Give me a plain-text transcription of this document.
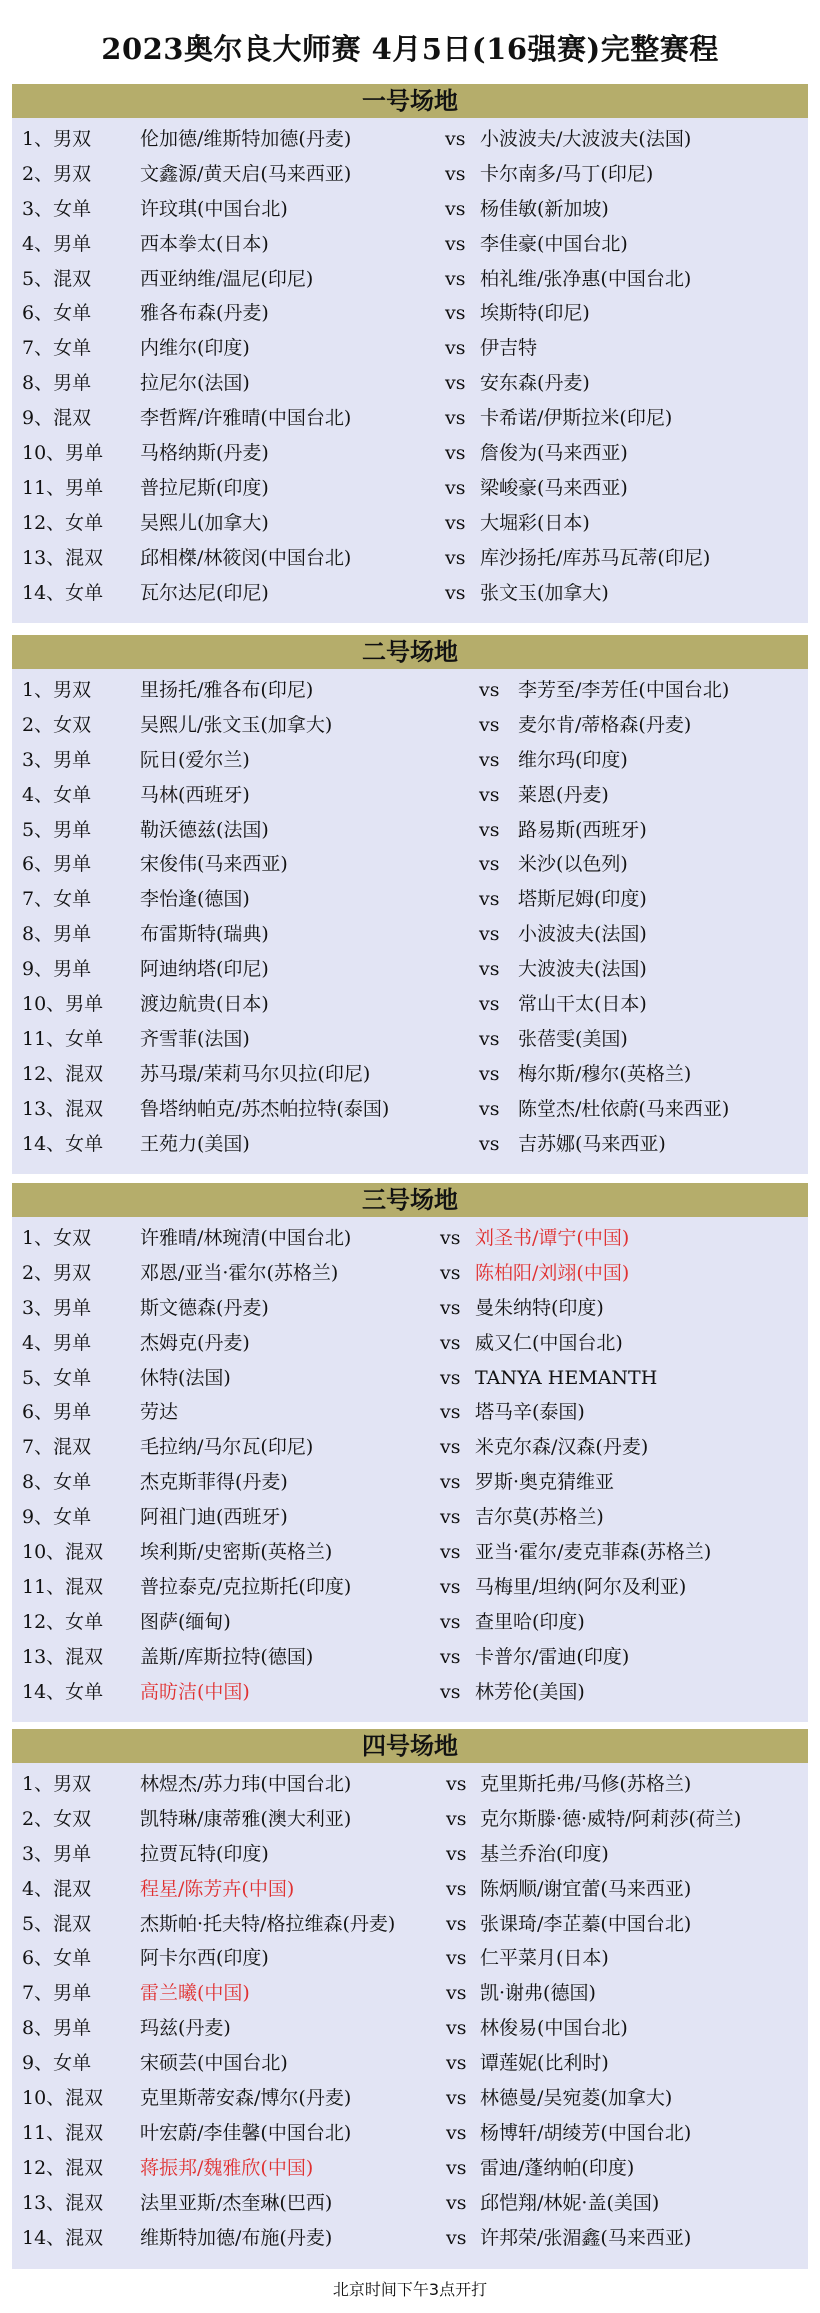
2023奥尔良大师赛 4月5日(16强赛)完整赛程
一号场地
1、男双	伦加德/维斯特加德(丹麦)	vs 小波波夫/大波波夫(法国)
2、男双	文鑫源/黄天启(马来西亚)	vs 卡尔南多/马丁(印尼)
3、女单	许玟琪(中国台北)	vs 杨佳敏(新加坡)
4、男单	西本拳太(日本)	vs 李佳豪(中国台北)
5、混双	西亚纳维/温尼(印尼)	vs 柏礼维/张净惠(中国台北)
6、女单	雅各布森(丹麦)	vs 埃斯特(印尼)
7、女单	内维尔(印度)	vs 伊吉特
8、男单	拉尼尔(法国)	vs 安东森(丹麦)
9、混双	李哲辉/许雅晴(中国台北)	vs 卡希诺/伊斯拉米(印尼)
10、男单 马格纳斯(丹麦)	vs 詹俊为(马来西亚)
11、男单 普拉尼斯(印度)	vs 梁峻豪(马来西亚)
12、女单 吴熙儿(加拿大)	vs 大堀彩(日本)
13、混双 邱相榤/林筱闵(中国台北)	vs 库沙扬托/库苏马瓦蒂(印尼)
14、女单 瓦尔达尼(印尼)	vs 张文玉(加拿大)
二号场地
1、男双	里扬托/雅各布(印尼)	vs 李芳至/李芳任(中国台北)
2、女双	吴熙儿/张文玉(加拿大)	vs 麦尔肯/蒂格森(丹麦)
3、男单	阮日(爱尔兰)	vs 维尔玛(印度)
4、女单	马林(西班牙)	vs 莱恩(丹麦)
5、男单	勒沃德兹(法国)	vs 路易斯(西班牙)
6、男单	宋俊伟(马来西亚)	vs 米沙(以色列)
7、女单	李怡逢(德国)	vs 塔斯尼姆(印度)
8、男单	布雷斯特(瑞典)	vs 小波波夫(法国)
9、男单	阿迪纳塔(印尼)	vs 大波波夫(法国)
10、男单 渡边航贵(日本)	vs 常山干太(日本)
11、女单 齐雪菲(法国)	vs 张蓓雯(美国)
12、混双 苏马璟/茉莉马尔贝拉(印尼)	vs 梅尔斯/穆尔(英格兰)
13、混双 鲁塔纳帕克/苏杰帕拉特(泰国)	vs 陈堂杰/杜依蔚(马来西亚)
14、女单 王苑力(美国)	vs 吉苏娜(马来西亚)
三号场地
1、女双	许雅晴/林琬清(中国台北)	vs 刘圣书/谭宁(中国)
2、男双	邓恩/亚当·霍尔(苏格兰)	vs 陈柏阳/刘翊(中国)
3、男单	斯文德森(丹麦)	vs 曼朱纳特(印度)
4、男单	杰姆克(丹麦)	vs 威又仁(中国台北)
5、女单	休特(法国)	vs TANYA HEMANTH
6、男单	劳达	vs 塔马辛(泰国)
7、混双	毛拉纳/马尔瓦(印尼)	vs 米克尔森/汉森(丹麦)
8、女单	杰克斯菲得(丹麦)	vs 罗斯·奥克猜维亚
9、女单	阿祖门迪(西班牙)	vs 吉尔莫(苏格兰)
10、混双 埃利斯/史密斯(英格兰)	vs 亚当·霍尔/麦克菲森(苏格兰)
11、混双 普拉泰克/克拉斯托(印度)	vs 马梅里/坦纳(阿尔及利亚)
12、女单 图萨(缅甸)	vs 查里哈(印度)
13、混双 盖斯/库斯拉特(德国)	vs 卡普尔/雷迪(印度)
14、女单 高昉洁(中国)	vs 林芳伦(美国)
四号场地
1、男双	林煜杰/苏力玮(中国台北)	vs 克里斯托弗/马修(苏格兰)
2、女双	凯特琳/康蒂雅(澳大利亚)	vs 克尔斯滕·德·威特/阿莉莎(荷兰)
3、男单	拉贾瓦特(印度)	vs 基兰乔治(印度)
4、混双	程星/陈芳卉(中国)	vs 陈炳顺/谢宜蕾(马来西亚)
5、混双	杰斯帕·托夫特/格拉维森(丹麦)	vs 张课琦/李芷蓁(中国台北)
6、女单	阿卡尔西(印度)	vs 仁平菜月(日本)
7、男单	雷兰曦(中国)	vs 凯·谢弗(德国)
8、男单	玛兹(丹麦)	vs 林俊易(中国台北)
9、女单	宋硕芸(中国台北)	vs 谭莲妮(比利时)
10、混双 克里斯蒂安森/博尔(丹麦)	vs 林德曼/吴宛菱(加拿大)
11、混双 叶宏蔚/李佳馨(中国台北)	vs 杨博轩/胡绫芳(中国台北)
12、混双 蒋振邦/魏雅欣(中国)	vs 雷迪/蓬纳帕(印度)
13、混双 法里亚斯/杰奎琳(巴西)	vs 邱恺翔/林妮·盖(美国)
14、混双 维斯特加德/布施(丹麦)	vs 许邦荣/张湄鑫(马来西亚)
北京时间下午3点开打
